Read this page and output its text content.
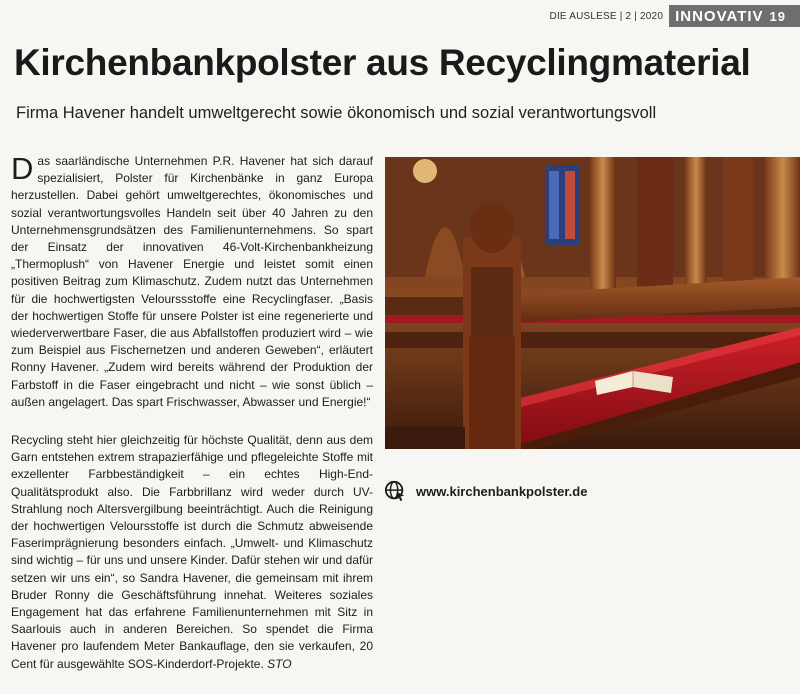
DIE AUSLESE | 2 | 2020 INNOVATIV 19
Kirchenbankpolster aus Recyclingmaterial
Firma Havener handelt umweltgerecht sowie ökonomisch und sozial verantwortungsvoll

Das saarländische Unternehmen P.R. Havener hat sich darauf spezialisiert, Polster für Kirchenbänke in ganz Europa herzustellen. Dabei gehört umweltgerechtes, ökonomisches und sozial verantwortungsvolles Handeln seit über 40 Jahren zu den Unternehmensgrundsätzen des Familienunternehmens. So spart der Einsatz der innovativen 46-Volt-Kirchenbankheizung „Thermoplush“ von Havener Energie und leistet somit einen positiven Beitrag zum Klimaschutz. Zudem nutzt das Unternehmen für die hochwertigsten Velourssstoffe eine Recyclingfaser. „Basis der hochwertigen Stoffe für unsere Polster ist eine regenerierte und wiederverwertbare Faser, die aus Abfallstoffen produziert wird – wie zum Beispiel aus Fischernetzen und anderen Geweben“, erläutert Ronny Havener. „Zudem wird bereits während der Produktion der Farbstoff in die Faser eingebracht und nicht – wie sonst üblich – außen angelagert. Das spart Frischwasser, Abwasser und Energie!“

Recycling steht hier gleichzeitig für höchste Qualität, denn aus dem Garn entstehen extrem strapazierfähige und pflegeleichte Stoffe mit exzellenter Farbbeständigkeit – ein echtes High-End-Qualitätsprodukt also. Die Farbbrillanz wird weder durch UV-Strahlung noch Altersvergilbung beeinträchtigt. Auch die Reinigung der hochwertigen Veloursstoffe ist durch die Schmutz abweisende Faserimprägnierung besonders einfach. „Umwelt- und Klimaschutz sind wichtig – für uns und unsere Kinder. Dafür stehen wir und dafür setzen wir uns ein“, so Sandra Havener, die gemeinsam mit ihrem Bruder Ronny die Geschäftsführung innehat. Weiteres soziales Engagement hat das erfahrene Familienunternehmen mit Sitz in Saarlouis auch in anderen Bereichen. So spendet die Firma Havener pro laufendem Meter Bankauflage, den sie verkaufen, 20 Cent für ausgewählte SOS-Kinderdorf-Projekte. STO

www.kirchenbankpolster.de
